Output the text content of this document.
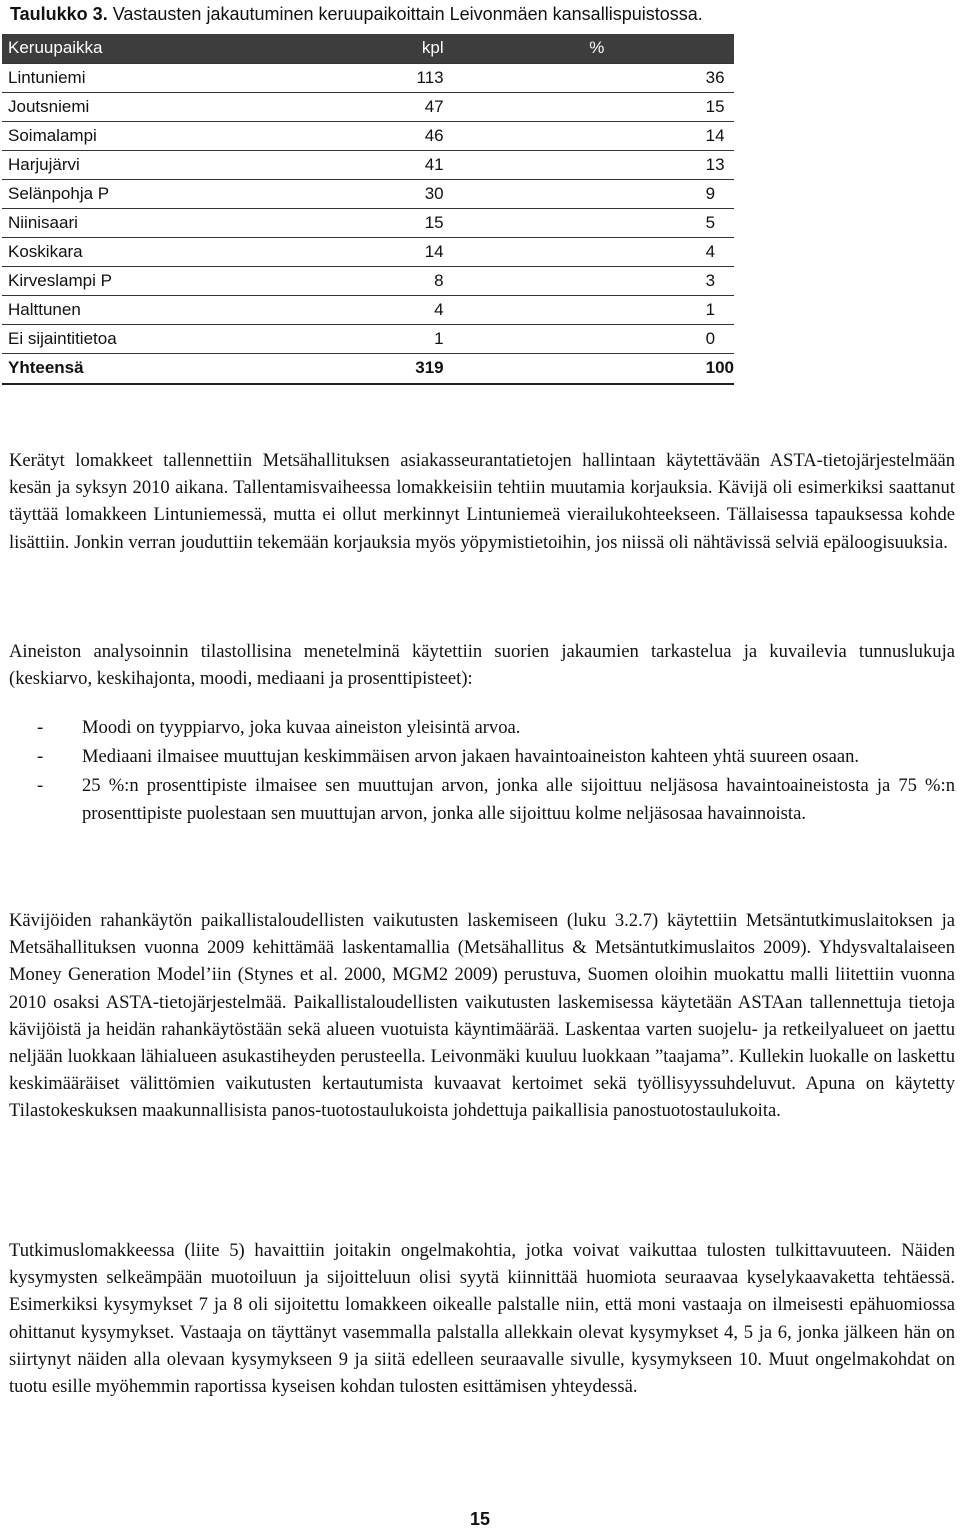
Taulukko 3. Vastausten jakautuminen keruupaikoittain Leivonmäen kansallispuistossa.
Keruupaikka	kpl	%
Lintuniemi	113	36
Joutsniemi	47	15
Soimalampi	46	14
Harjujärvi	41	13
Selänpohja P	30	9
Niinisaari	15	5
Koskikara	14	4
Kirveslampi P	8	3
Halttunen	4	1
Ei sijaintitietoa	1	0
Yhteensä	319	100

Kerätyt lomakkeet tallennettiin Metsähallituksen asiakasseurantatietojen hallintaan käytettävään ASTA-tietojärjestelmään kesän ja syksyn 2010 aikana. Tallentamisvaiheessa lomakkeisiin tehtiin muutamia korjauksia. Kävijä oli esimerkiksi saattanut täyttää lomakkeen Lintuniemessä, mutta ei ollut merkinnyt Lintuniemeä vierailukohteekseen. Tällaisessa tapauksessa kohde lisättiin. Jonkin verran jouduttiin tekemään korjauksia myös yöpymistietoihin, jos niissä oli nähtävissä selviä epäloogisuuksia.

Aineiston analysoinnin tilastollisina menetelminä käytettiin suorien jakaumien tarkastelua ja kuvailevia tunnuslukuja (keskiarvo, keskihajonta, moodi, mediaani ja prosenttipisteet):

- Moodi on tyyppiarvo, joka kuvaa aineiston yleisintä arvoa.
- Mediaani ilmaisee muuttujan keskimmäisen arvon jakaen havaintoaineiston kahteen yhtä suureen osaan.
- 25 %:n prosenttipiste ilmaisee sen muuttujan arvon, jonka alle sijoittuu neljäsosa havaintoaineistosta ja 75 %:n prosenttipiste puolestaan sen muuttujan arvon, jonka alle sijoittuu kolme neljäsosaa havainnoista.

Kävijöiden rahankäytön paikallistaloudellisten vaikutusten laskemiseen (luku 3.2.7) käytettiin Metsäntutkimuslaitoksen ja Metsähallituksen vuonna 2009 kehittämää laskentamallia (Metsähallitus & Metsäntutkimuslaitos 2009). Yhdysvaltalaiseen Money Generation Model’iin (Stynes et al. 2000, MGM2 2009) perustuva, Suomen oloihin muokattu malli liitettiin vuonna 2010 osaksi ASTA-tietojärjestelmää. Paikallistaloudellisten vaikutusten laskemisessa käytetään ASTAan tallennettuja tietoja kävijöistä ja heidän rahankäytöstään sekä alueen vuotuista käyntimäärää. Laskentaa varten suojelu- ja retkeilyalueet on jaettu neljään luokkaan lähialueen asukastiheyden perusteella. Leivonmäki kuuluu luokkaan ”taajama”. Kullekin luokalle on laskettu keskimääräiset välittömien vaikutusten kertautumista kuvaavat kertoimet sekä työllisyyssuhdeluvut. Apuna on käytetty Tilastokeskuksen maakunnallisista panos-tuotostaulukoista johdettuja paikallisia panostuotostaulukoita.

Tutkimuslomakkeessa (liite 5) havaittiin joitakin ongelmakohtia, jotka voivat vaikuttaa tulosten tulkittavuuteen. Näiden kysymysten selkeämpään muotoiluun ja sijoitteluun olisi syytä kiinnittää huomiota seuraavaa kyselykaavaketta tehtäessä. Esimerkiksi kysymykset 7 ja 8 oli sijoitettu lomakkeen oikealle palstalle niin, että moni vastaaja on ilmeisesti epähuomiossa ohittanut kysymykset. Vastaaja on täyttänyt vasemmalla palstalla allekkain olevat kysymykset 4, 5 ja 6, jonka jälkeen hän on siirtynyt näiden alla olevaan kysymykseen 9 ja siitä edelleen seuraavalle sivulle, kysymykseen 10. Muut ongelmakohdat on tuotu esille myöhemmin raportissa kyseisen kohdan tulosten esittämisen yhteydessä.

15
